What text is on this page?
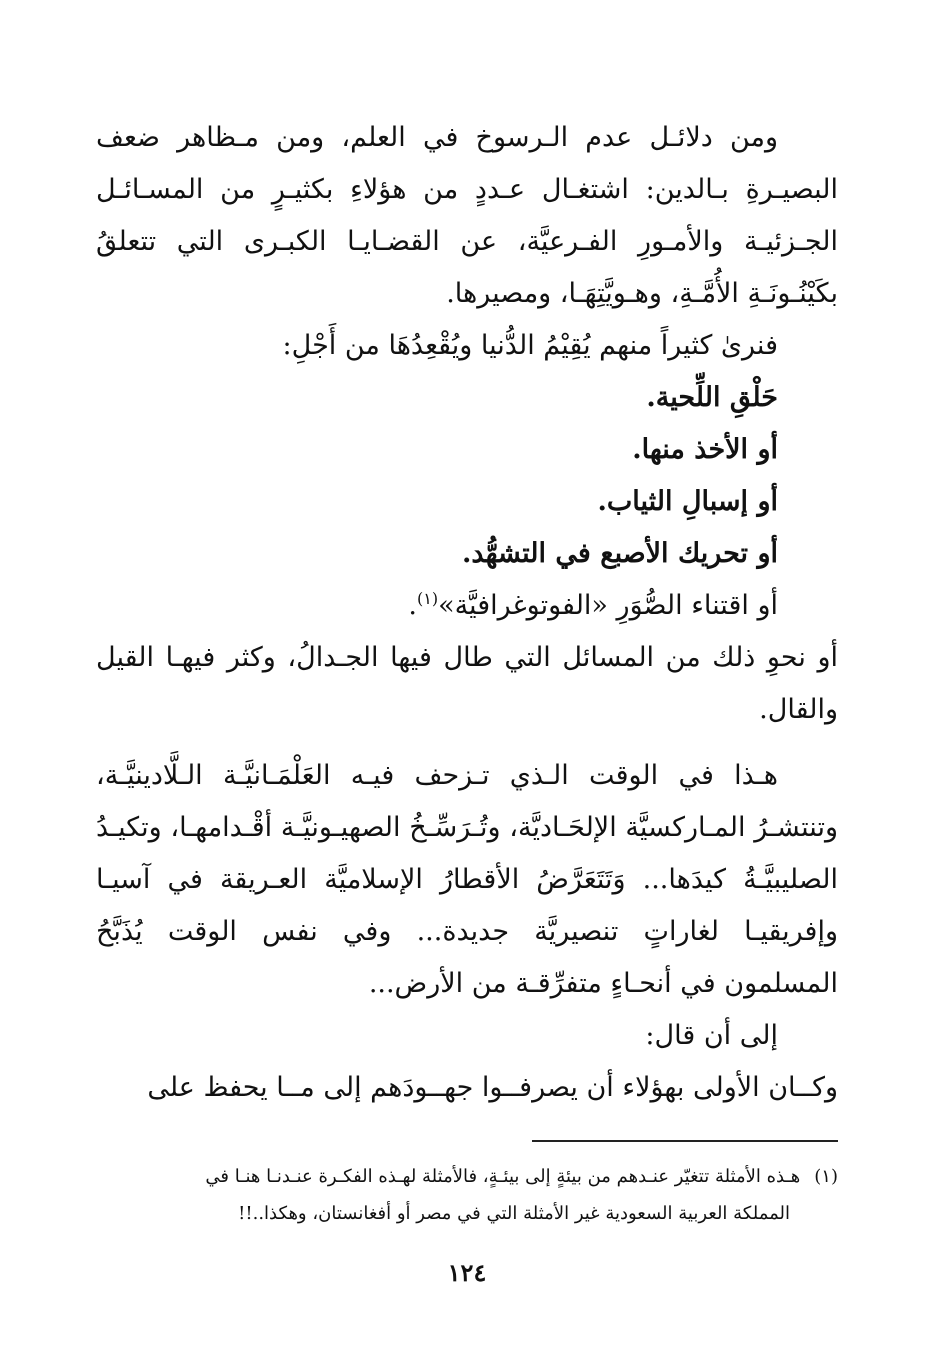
ومن دلائـل عدم الـرسوخ في العلم، ومن مـظاهر ضعف البصيـرةِ بـالدين: اشتغـال عـددٍ من هؤلاءِ بكثيـرٍ من المسـائـل الجـزئيـة والأمـورِ الفـرعيَّة، عن القضـايـا الكبـرى التي تتعلقُ بكَيْنُـونَـةِ الأُمَّـةِ، وهـويَّتِهَـا، ومصيرها.

فنرىٰ كثيراً منهم يُقِيْمُ الدُّنيا ويُقْعِدُهَا من أَجْلِ:

حَلْقِ اللِّحية.

أو الأخذ منها.

أو إسبالِ الثياب.

أو تحريك الأصبع في التشهُّد.

أو اقتناء الصُّوَرِ «الفوتوغرافيَّة»$^{(١)}$.

أو نحوِ ذلك من المسائل التي طال فيها الجـدالُ، وكثر فيهـا القيل والقال.

هـذا في الوقت الـذي تـزحف فيـه العَلْمَـانيَّـة الـلَّادينيَّـة، وتنتشـرُ المـاركسيَّة الإلحَـاديَّة، وتُـرَسِّـخُ الصهيـونيَّـة أقْـدامهـا، وتكيـدُ الصليبيَّـةُ كيدَها... وَتَتَعَرَّضُ الأقطارُ الإسلاميَّة العـريقة في آسيـا وإفريقيـا لغاراتٍ تنصيريَّة جديدة... وفي نفس الوقت يُذَبَّحُ المسلمون في أنحـاءٍ متفرِّقـة من الأرض...

إلى أن قال:

وكــان الأولى بهؤلاء أن يصرفــوا جهــودَهم إلى مــا يحفظ على

(١)هـذه الأمثلة تتغيّر عنـدهم من بيئةٍ إلى بيئـةٍ، فالأمثلة لهـذه الفكـرة عنـدنـا هنـا في

المملكة العربية السعودية غير الأمثلة التي في مصر أو أفغانستان، وهكذا..!!

١٢٤
